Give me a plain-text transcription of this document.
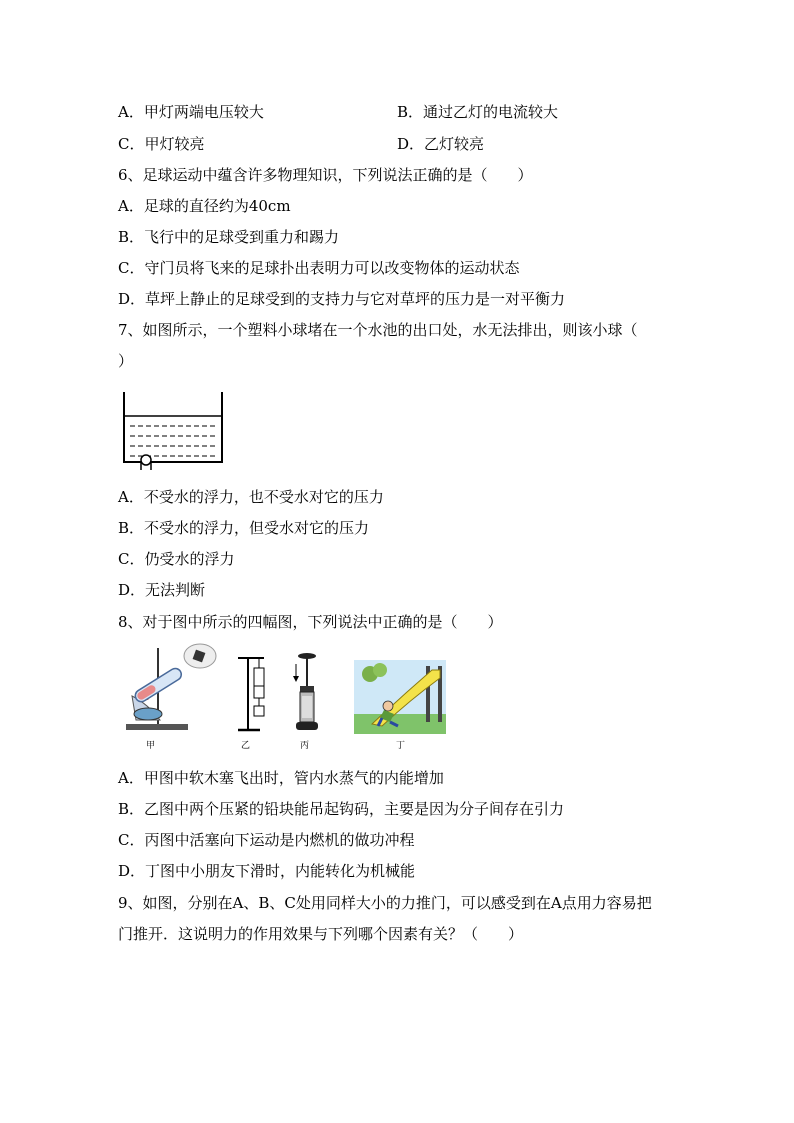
A．甲灯两端电压较大	B．通过乙灯的电流较大
C．甲灯较亮	D．乙灯较亮
6、足球运动中蕴含许多物理知识，下列说法正确的是（　　）
A．足球的直径约为40cm
B．飞行中的足球受到重力和踢力
C．守门员将飞来的足球扑出表明力可以改变物体的运动状态
D．草坪上静止的足球受到的支持力与它对草坪的压力是一对平衡力
7、如图所示，一个塑料小球堵在一个水池的出口处，水无法排出，则该小球（
）
A．不受水的浮力，也不受水对它的压力
B．不受水的浮力，但受水对它的压力
C．仍受水的浮力
D．无法判断
8、对于图中所示的四幅图，下列说法中正确的是（　　）
甲	乙	丙	丁
A．甲图中软木塞飞出时，管内水蒸气的内能增加
B．乙图中两个压紧的铅块能吊起钩码，主要是因为分子间存在引力
C．丙图中活塞向下运动是内燃机的做功冲程
D．丁图中小朋友下滑时，内能转化为机械能
9、如图，分别在A、B、C处用同样大小的力推门，可以感受到在A点用力容易把
门推开．这说明力的作用效果与下列哪个因素有关？（　　）
